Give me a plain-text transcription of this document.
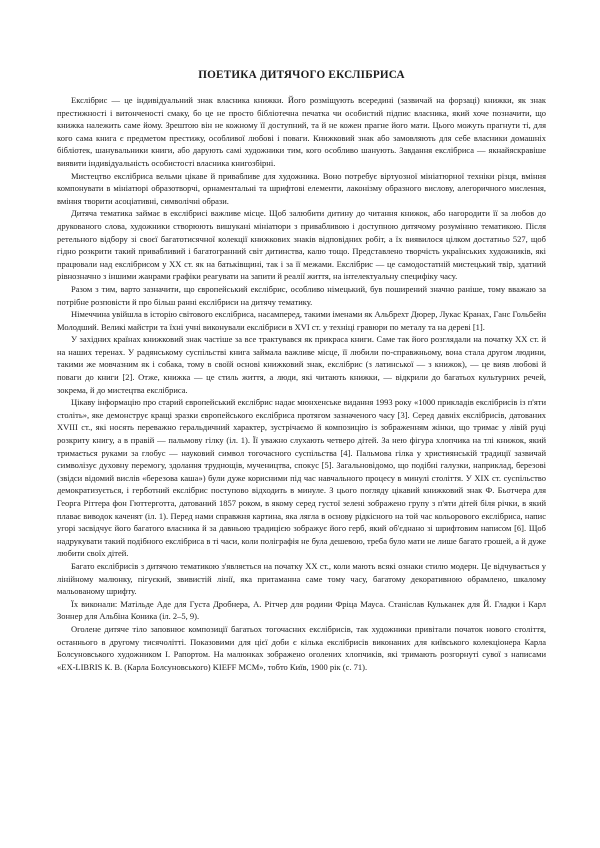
ПОЕТИКА ДИТЯЧОГО ЕКСЛІБРИСА

Екслібрис — це індивідуальний знак власника книжки. Його розміщують всередині (зазвичай на форзаці) книжки, як знак престижності і витонченості смаку, бо це не просто бібліотечна печатка чи особистий підпис власника, який хоче позначити, що книжка належить саме йому. Зрештою він не кожному її доступний, та й не кожен прагне його мати. Цього можуть прагнути ті, для кого сама книга є предметом престижу, особливої любові і поваги. Книжковий знак або замовляють для себе власники домашніх бібліотек, шанувальники книги, або дарують самі художники тим, кого особливо шанують. Завдання екслібриса — якнайяскравіше виявити індивідуальність особистості власника книгозбірні.

Мистецтво екслібриса вельми цікаве й привабливе для художника. Воно потребує віртуозної мініатюрної техніки різця, вміння компонувати в мініатюрі образотворчі, орнаментальні та шрифтові елементи, лаконізму образного вислову, алегоричного мислення, вміння творити асоціативні, символічні образи.

Дитяча тематика займає в екслібрисі важливе місце. Щоб залюбити дитину до читання книжок, або нагородити її за любов до друкованого слова, художники створюють вишукані мініатюри з привабливою і доступною дитячому розумінню тематикою. Після ретельного відбору зі своєї багатотисячної колекції книжкових знаків відповідних робіт, а їх виявилося цілком достатньо 527, щоб гідно розкрити такий привабливий і багатогранний світ дитинства, калю тощо. Представлено творчість українських художників, які працювали над екслібрисом у XX ст. як на батьківщині, так і за її межами. Екслібрис — це самодостатній мистецький твір, здатний рівнозначно з іншими жанрами графіки реагувати на запити й реалії життя, на інтелектуальну специфіку часу.

Разом з тим, варто зазначити, що європейський екслібрис, особливо німецький, був поширений значно раніше, тому вважаю за потрібне розповісти й про більш ранні екслібриси на дитячу тематику.

Німеччина увійшла в історію світового екслібриса, насамперед, такими іменами як Альбрехт Дюрер, Лукас Кранах, Ганс Гольбейн Молодший. Великі майстри та їхні учні виконували екслібриси в XVI ст. у техніці гравюри по металу та на дереві [1].

У західних країнах книжковий знак частіше за все трактувався як прикраса книги. Саме так його розглядали на початку XX ст. й на наших теренах. У радянському суспільстві книга займала важливе місце, її любили по-справжньому, вона стала другом людини, такими же мовчазним як і собака, тому в своїй основі книжковий знак, екслібрис (з латинської — з книжок), — це вияв любові й поваги до книги [2]. Отже, книжка — це стиль життя, а люди, які читають книжки, — відкрили до багатьох культурних речей, зокрема, й до мистецтва екслібриса.

Цікаву інформацію про старий європейський екслібрис надає мюнхенське видання 1993 року «1000 прикладів екслібрисів із п'яти століть», яке демонструє кращі зразки європейського екслібриса протягом зазначеного часу [3]. Серед давніх екслібрисів, датованих XVIII ст., які носять переважно геральдичний характер, зустрічаємо й композицію із зображенням жінки, що тримає у лівій руці розкриту книгу, а в правій — пальмову гілку (іл. 1). Її уважно слухають четверо дітей. За нею фігура хлопчика на тлі книжок, який тримається руками за глобус — науковий символ тогочасного суспільства [4]. Пальмова гілка у християнській традиції зазвичай символізує духовну перемогу, здолання труднощів, мучеництва, спокус [5]. Загальновідомо, що подібні галузки, наприклад, березові (звідси відомий вислів «березова каша») були дуже корисними під час навчального процесу в минулі століття. У XIX ст. суспільство демократизується, і герботний екслібрис поступово відходить в минуле. З цього погляду цікавий книжковий знак Ф. Бьотчера для Георга Ріттера фон Гюттерготта, датований 1857 роком, в якому серед густої зелені зображено групу з п'яти дітей біля річки, в який плаває виводок каченят (іл. 1). Перед нами справжня картина, яка лягла в основу рідкісного на той час кольорового екслібриса, напис угорі засвідчує його багатого власника й за давньою традицією зображує його герб, який об'єднано зі шрифтовим написом [6]. Щоб надрукувати такий подібного екслібриса в ті часи, коли поліграфія не була дешевою, треба було мати не лише багато грошей, а й дуже любити своїх дітей.

Багато екслібрисів з дитячою тематикою з'являється на початку XX ст., коли мають всякі ознаки стилю модерн. Це відчувається у лінійному малюнку, пігуєкий, звивистій лінії, яка притаманна саме тому часу, багатому декоративною обрамлено, шкалому мальованому шрифту.

Їх виконали: Матільде Аде для Густа Дробнера, А. Рітчер для родини Фріца Мауса. Станіслав Кульканек для Й. Гладки і Карл Зоннер для Альбіна Коника (іл. 2–5, 9).

Оголене дитяче тіло заповнює композиції багатьох тогочасних екслібрисів, так художники привітали початок нового століття, останнього в другому тисячолітті. Показовими для цієї доби є кілька екслібрисів виконаних для київського колекціонера Карла Болсуновського художником І. Рапортом. На малюнках зображено оголених хлопчиків, які тримають розгорнуті сувої з написами «EX-LIBRIS К. В. (Карла Болсуновського) KIEFF MCM», тобто Київ, 1900 рік (с. 71).
